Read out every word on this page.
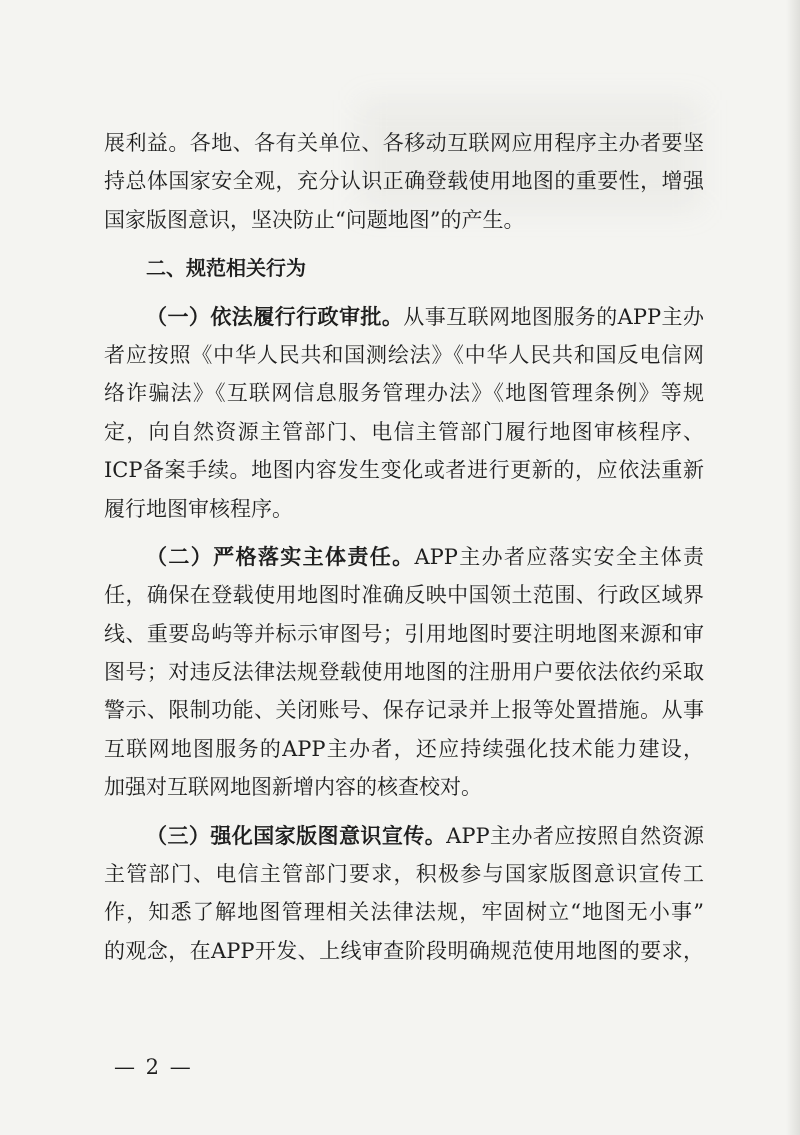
展利益。各地、各有关单位、各移动互联网应用程序主办者要坚
持总体国家安全观，充分认识正确登载使用地图的重要性，增强
国家版图意识，坚决防止“问题地图”的产生。
二、规范相关行为
（一）依法履行行政审批。从事互联网地图服务的APP主办
者应按照《中华人民共和国测绘法》《中华人民共和国反电信网
络诈骗法》《互联网信息服务管理办法》《地图管理条例》等规
定，向自然资源主管部门、电信主管部门履行地图审核程序、
ICP备案手续。地图内容发生变化或者进行更新的，应依法重新
履行地图审核程序。
（二）严格落实主体责任。APP主办者应落实安全主体责
任，确保在登载使用地图时准确反映中国领土范围、行政区域界
线、重要岛屿等并标示审图号；引用地图时要注明地图来源和审
图号；对违反法律法规登载使用地图的注册用户要依法依约采取
警示、限制功能、关闭账号、保存记录并上报等处置措施。从事
互联网地图服务的APP主办者，还应持续强化技术能力建设，
加强对互联网地图新增内容的核查校对。
（三）强化国家版图意识宣传。APP主办者应按照自然资源
主管部门、电信主管部门要求，积极参与国家版图意识宣传工
作，知悉了解地图管理相关法律法规，牢固树立“地图无小事”
的观念，在APP开发、上线审查阶段明确规范使用地图的要求，
— 2 —
